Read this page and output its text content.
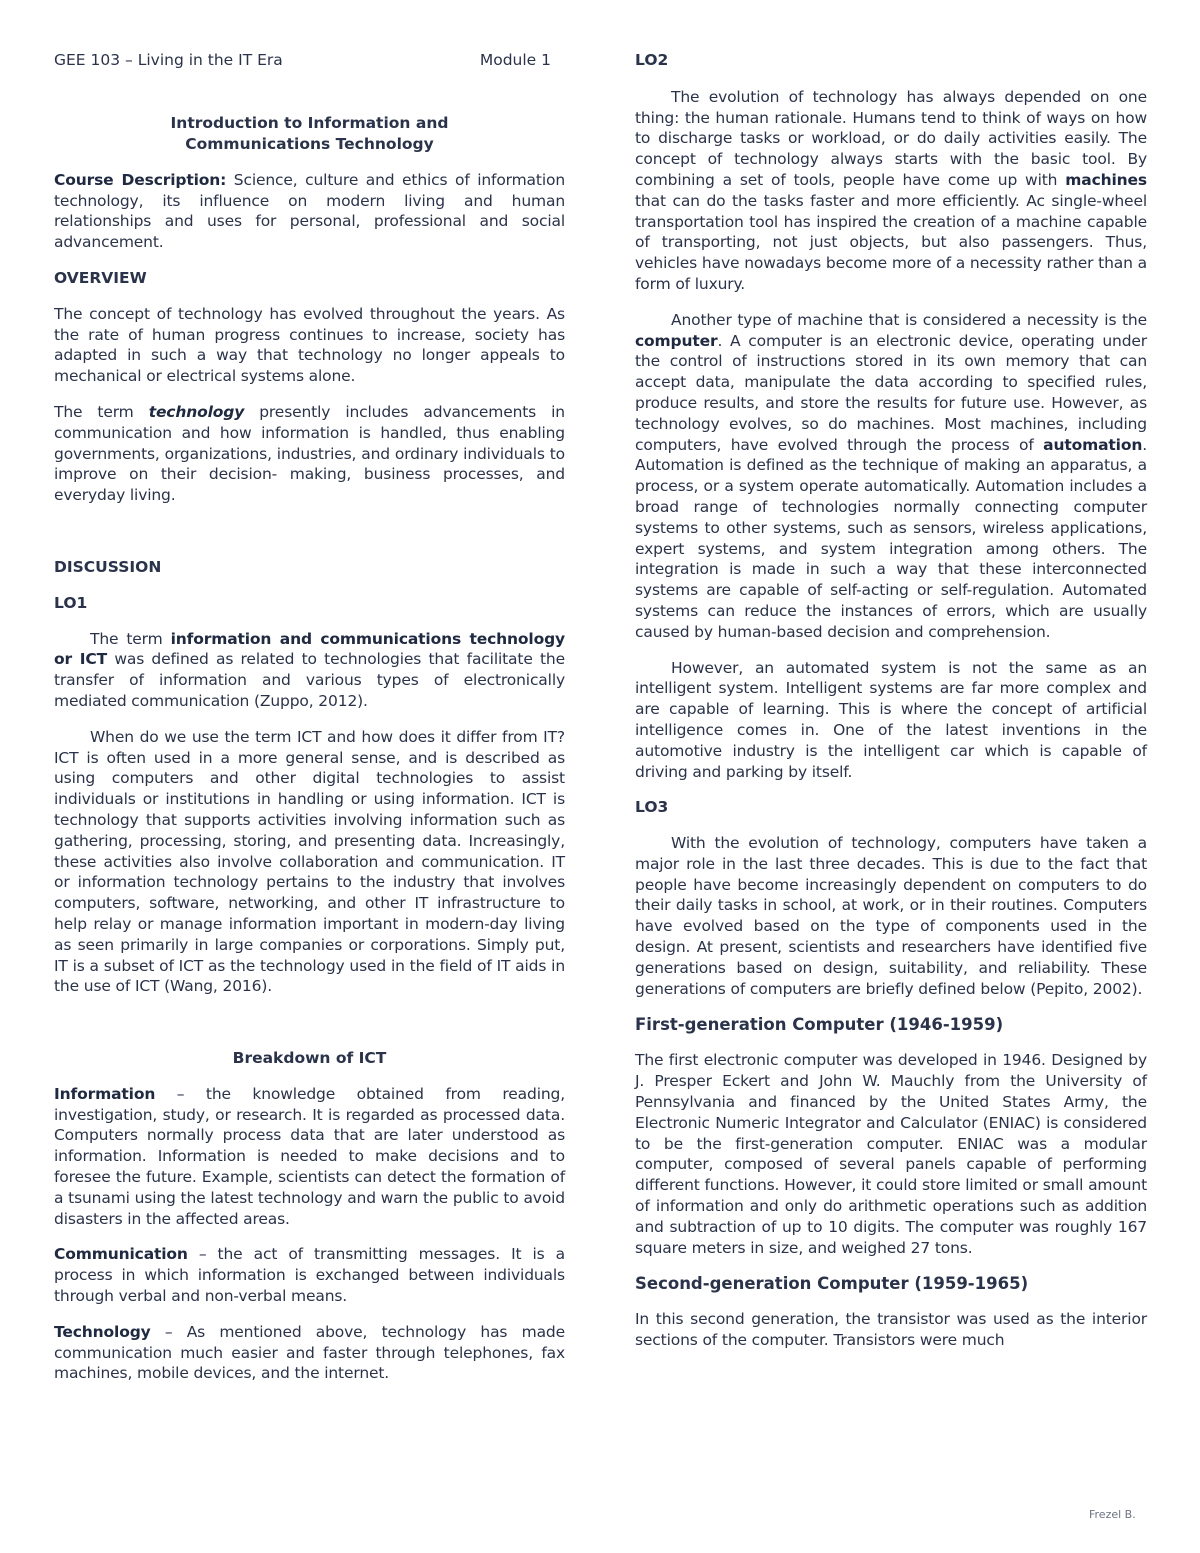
GEE 103 – Living in the IT Era	Module 1
Introduction to Information and Communications Technology

Course Description: Science, culture and ethics of information technology, its influence on modern living and human relationships and uses for personal, professional and social advancement.

OVERVIEW

The concept of technology has evolved throughout the years. As the rate of human progress continues to increase, society has adapted in such a way that technology no longer appeals to mechanical or electrical systems alone.

The term technology presently includes advancements in communication and how information is handled, thus enabling governments, organizations, industries, and ordinary individuals to improve on their decision- making, business processes, and everyday living.

DISCUSSION
LO1

The term information and communications technology or ICT was defined as related to technologies that facilitate the transfer of information and various types of electronically mediated communication (Zuppo, 2012).

When do we use the term ICT and how does it differ from IT? ICT is often used in a more general sense, and is described as using computers and other digital technologies to assist individuals or institutions in handling or using information. ICT is technology that supports activities involving information such as gathering, processing, storing, and presenting data. Increasingly, these activities also involve collaboration and communication. IT or information technology pertains to the industry that involves computers, software, networking, and other IT infrastructure to help relay or manage information important in modern-day living as seen primarily in large companies or corporations. Simply put, IT is a subset of ICT as the technology used in the field of IT aids in the use of ICT (Wang, 2016).

Breakdown of ICT

Information – the knowledge obtained from reading, investigation, study, or research. It is regarded as processed data. Computers normally process data that are later understood as information. Information is needed to make decisions and to foresee the future. Example, scientists can detect the formation of a tsunami using the latest technology and warn the public to avoid disasters in the affected areas.

Communication – the act of transmitting messages. It is a process in which information is exchanged between individuals through verbal and non-verbal means.

Technology – As mentioned above, technology has made communication much easier and faster through telephones, fax machines, mobile devices, and the internet.

LO2

The evolution of technology has always depended on one thing: the human rationale. Humans tend to think of ways on how to discharge tasks or workload, or do daily activities easily. The concept of technology always starts with the basic tool. By combining a set of tools, people have come up with machines that can do the tasks faster and more efficiently. Ac single-wheel transportation tool has inspired the creation of a machine capable of transporting, not just objects, but also passengers. Thus, vehicles have nowadays become more of a necessity rather than a form of luxury.

Another type of machine that is considered a necessity is the computer. A computer is an electronic device, operating under the control of instructions stored in its own memory that can accept data, manipulate the data according to specified rules, produce results, and store the results for future use. However, as technology evolves, so do machines. Most machines, including computers, have evolved through the process of automation. Automation is defined as the technique of making an apparatus, a process, or a system operate automatically. Automation includes a broad range of technologies normally connecting computer systems to other systems, such as sensors, wireless applications, expert systems, and system integration among others. The integration is made in such a way that these interconnected systems are capable of self-acting or self-regulation. Automated systems can reduce the instances of errors, which are usually caused by human-based decision and comprehension.

However, an automated system is not the same as an intelligent system. Intelligent systems are far more complex and are capable of learning. This is where the concept of artificial intelligence comes in. One of the latest inventions in the automotive industry is the intelligent car which is capable of driving and parking by itself.

LO3

With the evolution of technology, computers have taken a major role in the last three decades. This is due to the fact that people have become increasingly dependent on computers to do their daily tasks in school, at work, or in their routines. Computers have evolved based on the type of components used in the design. At present, scientists and researchers have identified five generations based on design, suitability, and reliability. These generations of computers are briefly defined below (Pepito, 2002).

First-generation Computer (1946-1959)

The first electronic computer was developed in 1946. Designed by J. Presper Eckert and John W. Mauchly from the University of Pennsylvania and financed by the United States Army, the Electronic Numeric Integrator and Calculator (ENIAC) is considered to be the first-generation computer. ENIAC was a modular computer, composed of several panels capable of performing different functions. However, it could store limited or small amount of information and only do arithmetic operations such as addition and subtraction of up to 10 digits. The computer was roughly 167 square meters in size, and weighed 27 tons.

Second-generation Computer (1959-1965)

In this second generation, the transistor was used as the interior sections of the computer. Transistors were much

Frezel B.
